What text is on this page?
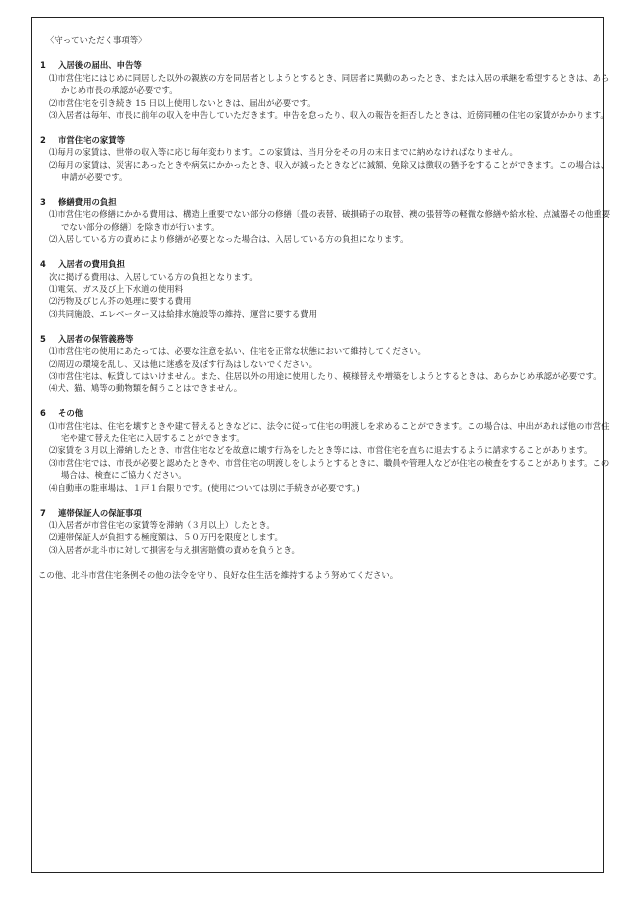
〈守っていただく事項等〉
1 入居後の届出、申告等
⑴市営住宅にはじめに同居した以外の親族の方を同居者としようとするとき、同居者に異動のあったとき、または入居の承継を希望するときは、あらかじめ市長の承認が必要です。
⑵市営住宅を引き続き 15 日以上使用しないときは、届出が必要です。
⑶入居者は毎年、市長に前年の収入を申告していただきます。申告を怠ったり、収入の報告を拒否したときは、近傍同種の住宅の家賃がかかります。
2 市営住宅の家賃等
⑴毎月の家賃は、世帯の収入等に応じ毎年変わります。この家賃は、当月分をその月の末日までに納めなければなりません。
⑵毎月の家賃は、災害にあったときや病気にかかったとき、収入が減ったときなどに減額、免除又は徴収の猶予をすることができます。この場合は、申請が必要です。
3 修繕費用の負担
⑴市営住宅の修繕にかかる費用は、構造上重要でない部分の修繕〔畳の表替、破損硝子の取替、襖の張替等の軽微な修繕や給水栓、点滅器その他重要でない部分の修繕〕を除き市が行います。
⑵入居している方の責めにより修繕が必要となった場合は、入居している方の負担になります。
4 入居者の費用負担
次に掲げる費用は、入居している方の負担となります。
⑴電気、ガス及び上下水道の使用料
⑵汚物及びじん芥の処理に要する費用
⑶共同施設、エレベーター又は給排水施設等の維持、運営に要する費用
5 入居者の保管義務等
⑴市営住宅の使用にあたっては、必要な注意を払い、住宅を正常な状態において維持してください。
⑵周辺の環境を乱し、又は他に迷惑を及ぼす行為はしないでください。
⑶市営住宅は、転貸してはいけません。また、住居以外の用途に使用したり、模様替えや増築をしようとするときは、あらかじめ承認が必要です。
⑷犬、猫、鳩等の動物類を飼うことはできません。
6 その他
⑴市営住宅は、住宅を壊すときや建て替えるときなどに、法令に従って住宅の明渡しを求めることができます。この場合は、申出があれば他の市営住宅や建て替えた住宅に入居することができます。
⑵家賃を３月以上滞納したとき、市営住宅などを故意に壊す行為をしたとき等には、市営住宅を直ちに退去するように請求することがあります。
⑶市営住宅では、市長が必要と認めたときや、市営住宅の明渡しをしようとするときに、職員や管理人などが住宅の検査をすることがあります。この場合は、検査にご協力ください。
⑷自動車の駐車場は、１戸１台限りです。(使用については別に手続きが必要です。)
7 連帯保証人の保証事項
⑴入居者が市営住宅の家賃等を滞納（３月以上）したとき。
⑵連帯保証人が負担する極度額は、５０万円を限度とします。
⑶入居者が北斗市に対して損害を与え損害賠償の責めを負うとき。
この他、北斗市営住宅条例その他の法令を守り、良好な住生活を維持するよう努めてください。
